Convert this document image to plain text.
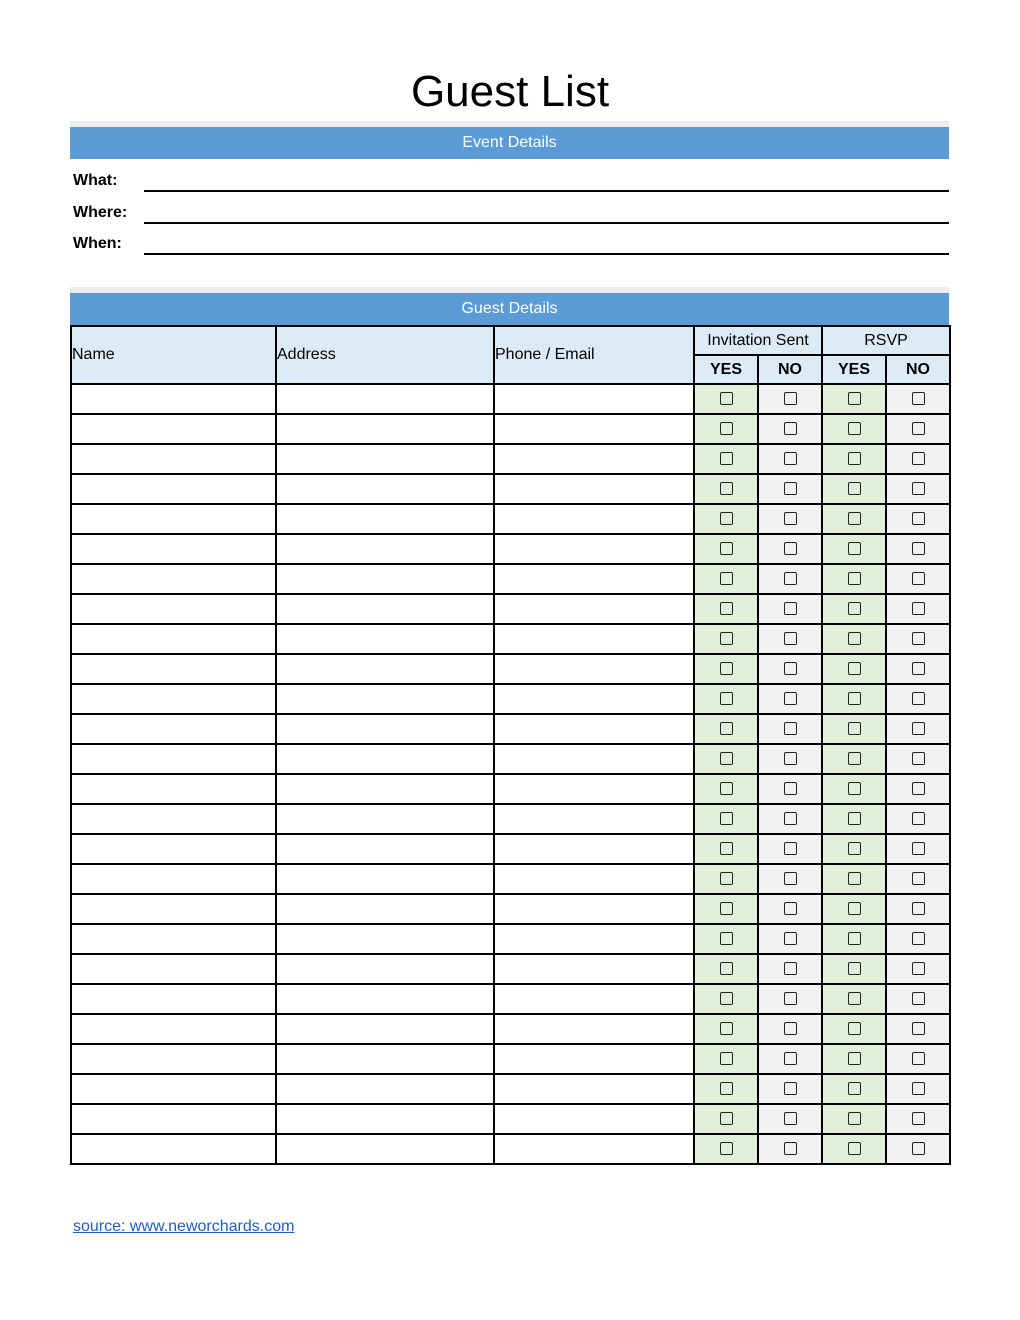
Guest List
Event Details
What:
Where:
When:
Guest Details
Name	Address	Phone / Email	Invitation Sent		RSVP	
			YES	NO	YES	NO

source: www.neworchards.com
